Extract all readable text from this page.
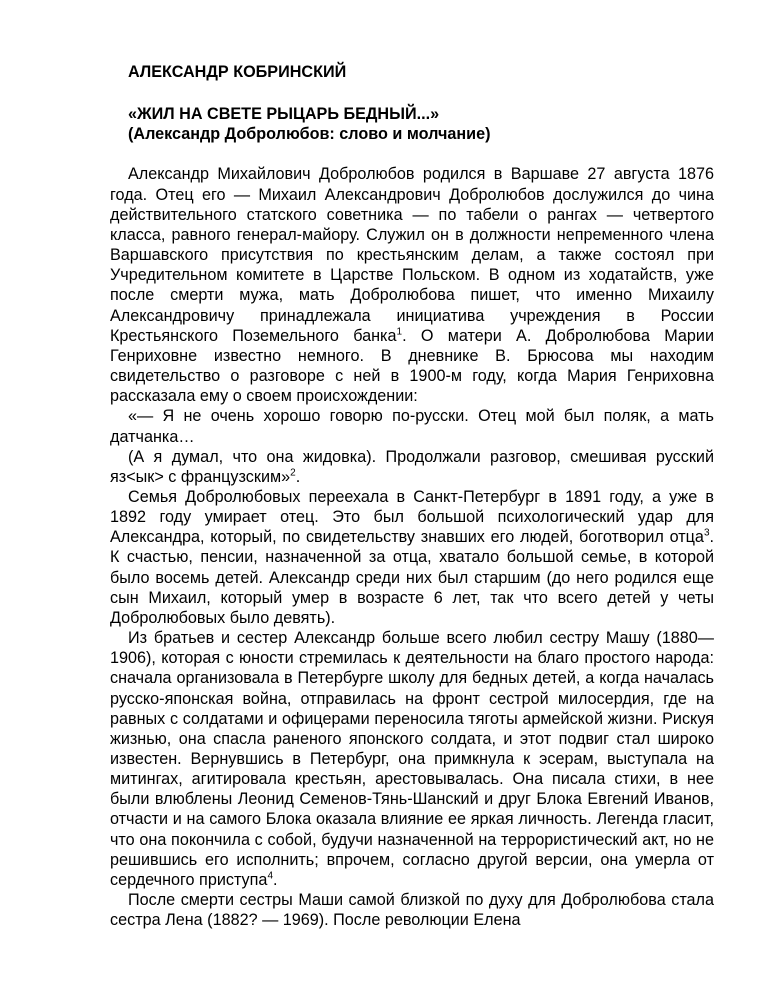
АЛЕКСАНДР КОБРИНСКИЙ
«ЖИЛ НА СВЕТЕ РЫЦАРЬ БЕДНЫЙ...»
(Александр Добролюбов: слово и молчание)

Александр Михайлович Добролюбов родился в Варшаве 27 августа 1876 года. Отец его — Михаил Александрович Добролюбов дослужился до чина действительного статского советника — по табели о рангах — четвертого класса, равного генерал-майору. Служил он в должности непременного члена Варшавского присутствия по крестьянским делам, а также состоял при Учредительном комитете в Царстве Польском. В одном из ходатайств, уже после смерти мужа, мать Добролюбова пишет, что именно Михаилу Александровичу принадлежала инициатива учреждения в России Крестьянского Поземельного банка$^1$. О матери А. Добролюбова Марии Генриховне известно немного. В дневнике В. Брюсова мы находим свидетельство о разговоре с ней в 1900-м году, когда Мария Генриховна рассказала ему о своем происхождении:

«— Я не очень хорошо говорю по-русски. Отец мой был поляк, а мать датчанка…

(А я думал, что она жидовка). Продолжали разговор, смешивая русский яз<ык> с французским»$^2$.

Семья Добролюбовых переехала в Санкт-Петербург в 1891 году, а уже в 1892 году умирает отец. Это был большой психологический удар для Александра, который, по свидетельству знавших его людей, боготворил отца$^3$. К счастью, пенсии, назначенной за отца, хватало большой семье, в которой было восемь детей. Александр среди них был старшим (до него родился еще сын Михаил, который умер в возрасте 6 лет, так что всего детей у четы Добролюбовых было девять).

Из братьев и сестер Александр больше всего любил сестру Машу (1880—1906), которая с юности стремилась к деятельности на благо простого народа: сначала организовала в Петербурге школу для бедных детей, а когда началась русско-японская война, отправилась на фронт сестрой милосердия, где на равных с солдатами и офицерами переносила тяготы армейской жизни. Рискуя жизнью, она спасла раненого японского солдата, и этот подвиг стал широко известен. Вернувшись в Петербург, она примкнула к эсерам, выступала на митингах, агитировала крестьян, арестовывалась. Она писала стихи, в нее были влюблены Леонид Семенов-Тянь-Шанский и друг Блока Евгений Иванов, отчасти и на самого Блока оказала влияние ее яркая личность. Легенда гласит, что она покончила с собой, будучи назначенной на террористический акт, но не решившись его исполнить; впрочем, согласно другой версии, она умерла от сердечного приступа$^4$.

После смерти сестры Маши самой близкой по духу для Добролюбова стала сестра Лена (1882? — 1969). После революции Елена
